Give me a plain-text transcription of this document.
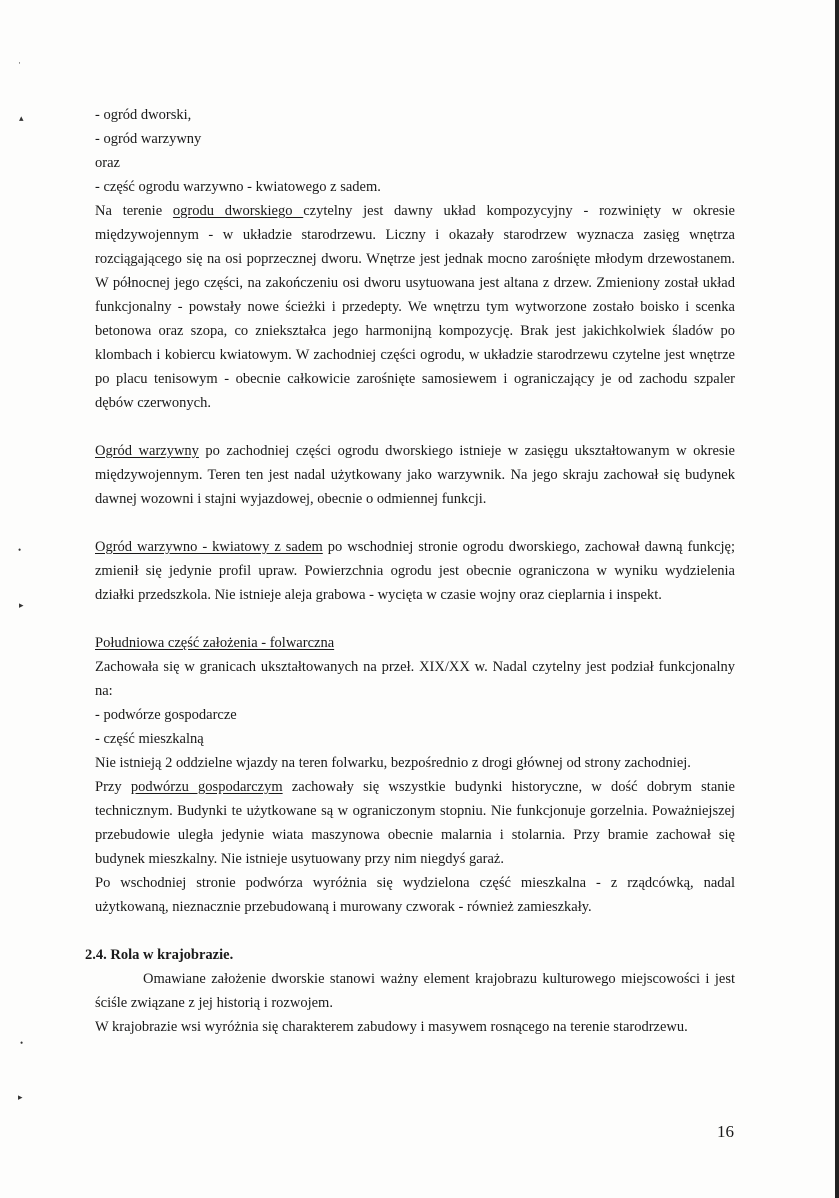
·
▴
•
▸
•
▸

- ogród dworski,

- ogród warzywny

oraz

- część ogrodu warzywno - kwiatowego z sadem.

Na terenie ogrodu dworskiego czytelny jest dawny układ kompozycyjny - rozwinięty w okresie międzywojennym - w układzie starodrzewu. Liczny i okazały starodrzew wyznacza zasięg wnętrza rozciągającego się na osi poprzecznej dworu. Wnętrze jest jednak mocno zarośnięte młodym drzewostanem. W północnej jego części, na zakończeniu osi dworu usytuowana jest altana z drzew. Zmieniony został układ funkcjonalny - powstały nowe ścieżki i przedepty. We wnętrzu tym wytworzone zostało boisko i scenka betonowa oraz szopa, co zniekształca jego harmonijną kompozycję. Brak jest jakichkolwiek śladów po klombach i kobiercu kwiatowym. W zachodniej części ogrodu, w układzie starodrzewu czytelne jest wnętrze po placu tenisowym - obecnie całkowicie zarośnięte samosiewem i ograniczający je od zachodu szpaler dębów czerwonych.

Ogród warzywny po zachodniej części ogrodu dworskiego istnieje w zasięgu ukształtowanym w okresie międzywojennym. Teren ten jest nadal użytkowany jako warzywnik. Na jego skraju zachował się budynek dawnej wozowni i stajni wyjazdowej, obecnie o odmiennej funkcji.

Ogród warzywno - kwiatowy z sadem po wschodniej stronie ogrodu dworskiego, zachował dawną funkcję; zmienił się jedynie profil upraw. Powierzchnia ogrodu jest obecnie ograniczona w wyniku wydzielenia działki przedszkola. Nie istnieje aleja grabowa - wycięta w czasie wojny oraz cieplarnia i inspekt.

Południowa część założenia - folwarczna

Zachowała się w granicach ukształtowanych na przeł. XIX/XX w. Nadal czytelny jest podział funkcjonalny na:

- podwórze gospodarcze

- część mieszkalną

Nie istnieją 2 oddzielne wjazdy na teren folwarku, bezpośrednio z drogi głównej od strony zachodniej.

Przy podwórzu gospodarczym zachowały się wszystkie budynki historyczne, w dość dobrym stanie technicznym. Budynki te użytkowane są w ograniczonym stopniu. Nie funkcjonuje gorzelnia. Poważniejszej przebudowie uległa jedynie wiata maszynowa obecnie malarnia i stolarnia. Przy bramie zachował się budynek mieszkalny. Nie istnieje usytuowany przy nim niegdyś garaż.

Po wschodniej stronie podwórza wyróżnia się wydzielona część mieszkalna - z rządcówką, nadal użytkowaną, nieznacznie przebudowaną i murowany czworak - również zamieszkały.

2.4. Rola w krajobrazie.

Omawiane założenie dworskie stanowi ważny element krajobrazu kulturowego miejscowości i jest ściśle związane z jej historią i rozwojem.

W krajobrazie wsi wyróżnia się charakterem zabudowy i masywem rosnącego na terenie starodrzewu.

16
